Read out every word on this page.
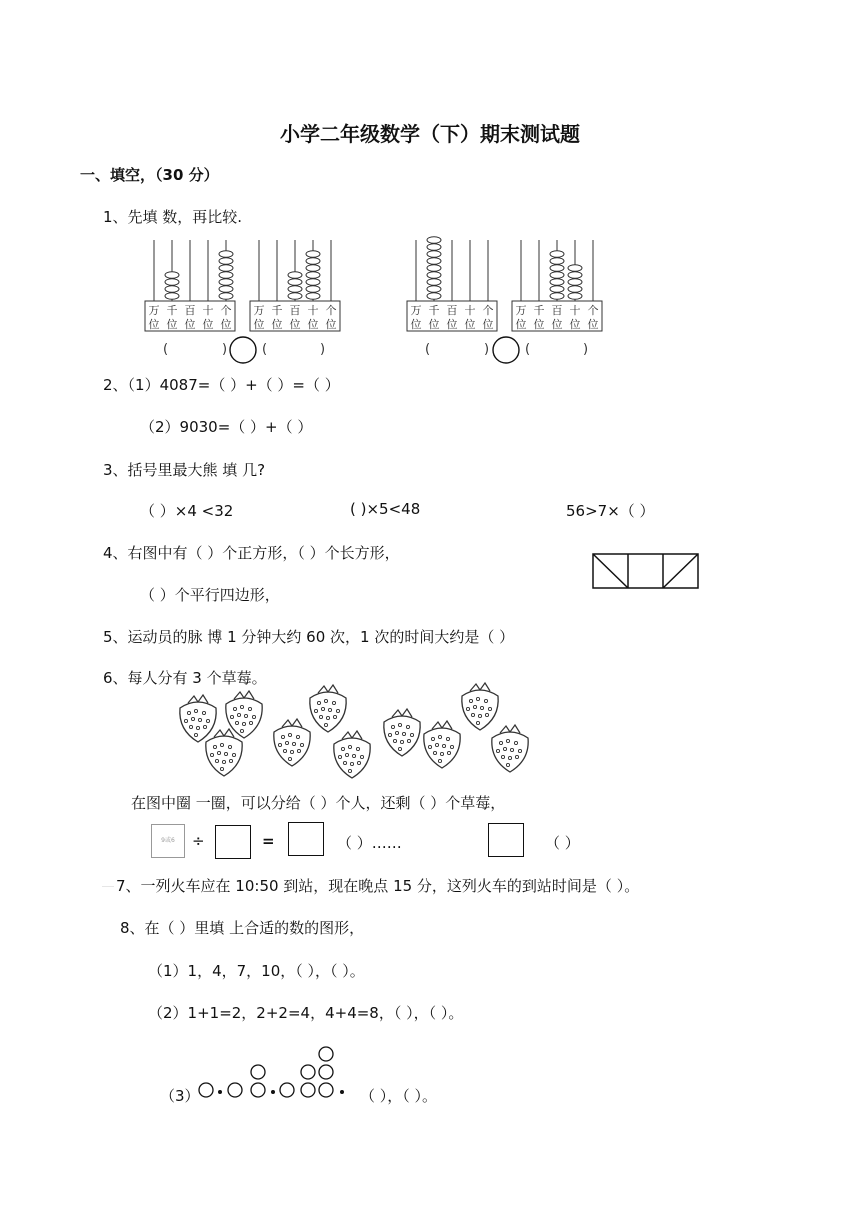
小学二年级数学（下）期末测试题
一、填空，（30 分）
1、先填 数，再比较.
万
位
千
位
百
位
十
位
个
位
万
位
千
位
百
位
十
位
个
位
万
位
千
位
百
位
十
位
个
位
万
位
千
位
百
位
十
位
个
位
(	)	(	)	(	)	(	)
2、（1）4087=（ ）+（ ）=（ ）
（2）9030=（ ）+（ ）
3、括号里最大熊 填 几?
（ ）×4 <32	( )×5<48	56>7×（ ）
4、右图中有（ ）个正方形，（ ）个长方形，
（ ）个平行四边形，
5、运动员的脉 博 1 分钟大约 60 次，1 次的时间大约是（ ）
6、每人分有 3 个草莓。
在图中圈 一圈，可以分给（ ）个人，还剩（ ）个草莓，
9或6	÷	=	（ ）……	（ ）
…… 7、一列火车应在 10:50 到站，现在晚点 15 分，这列火车的到站时间是（ ）。
8、在（ ）里填 上合适的数的图形，
（1）1，4，7，10，（ ），（ ）。
（2）1+1=2，2+2=4，4+4=8，（ ），（ ）。
（3）	（ ），（ ）。
